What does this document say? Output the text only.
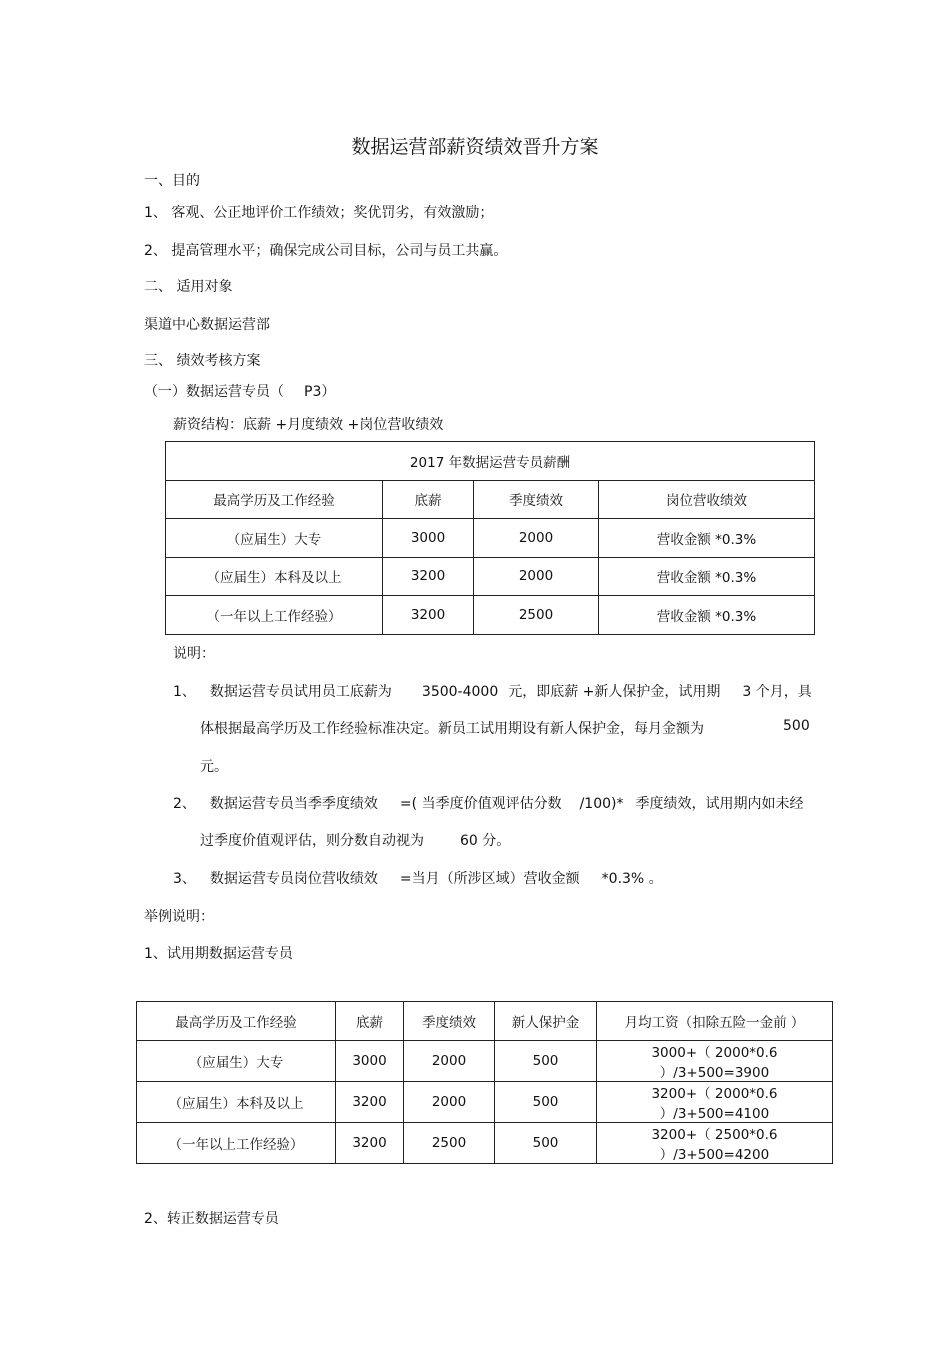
数据运营部薪资绩效晋升方案
一、目的
1、 客观、公正地评价工作绩效；奖优罚劣，有效激励；
2、 提高管理水平；确保完成公司目标，公司与员工共赢。
二、 适用对象
渠道中心数据运营部
三、 绩效考核方案
（一）数据运营专员（ P3）
薪资结构：底薪 +月度绩效 +岗位营收绩效
2017 年数据运营专员薪酬			
最高学历及工作经验	底薪	季度绩效	岗位营收绩效
（应届生）大专	3000	2000	营收金额 *0.3%
（应届生）本科及以上	3200	2000	营收金额 *0.3%
（一年以上工作经验）	3200	2500	营收金额 *0.3%
说明：
1、 数据运营专员试用员工底薪为 3500-4000 元，即底薪 +新人保护金，试用期 3 个月，具
体根据最高学历及工作经验标准决定。新员工试用期设有新人保护金，每月金额为	500
元。
2、 数据运营专员当季季度绩效 =( 当季度价值观评估分数 /100)* 季度绩效，试用期内如未经
过季度价值观评估，则分数自动视为	60 分。
3、 数据运营专员岗位营收绩效 =当月（所涉区域）营收金额 *0.3% 。
举例说明：
1、试用期数据运营专员
最高学历及工作经验	底薪	季度绩效	新人保护金	月均工资（扣除五险一金前 ）
（应届生）大专	3000	2000	500	3000+（ 2000*0.6 ）/3+500=3900
（应届生）本科及以上	3200	2000	500	3200+（ 2000*0.6 ）/3+500=4100
（一年以上工作经验）	3200	2500	500	3200+（ 2500*0.6 ）/3+500=4200
2、转正数据运营专员
